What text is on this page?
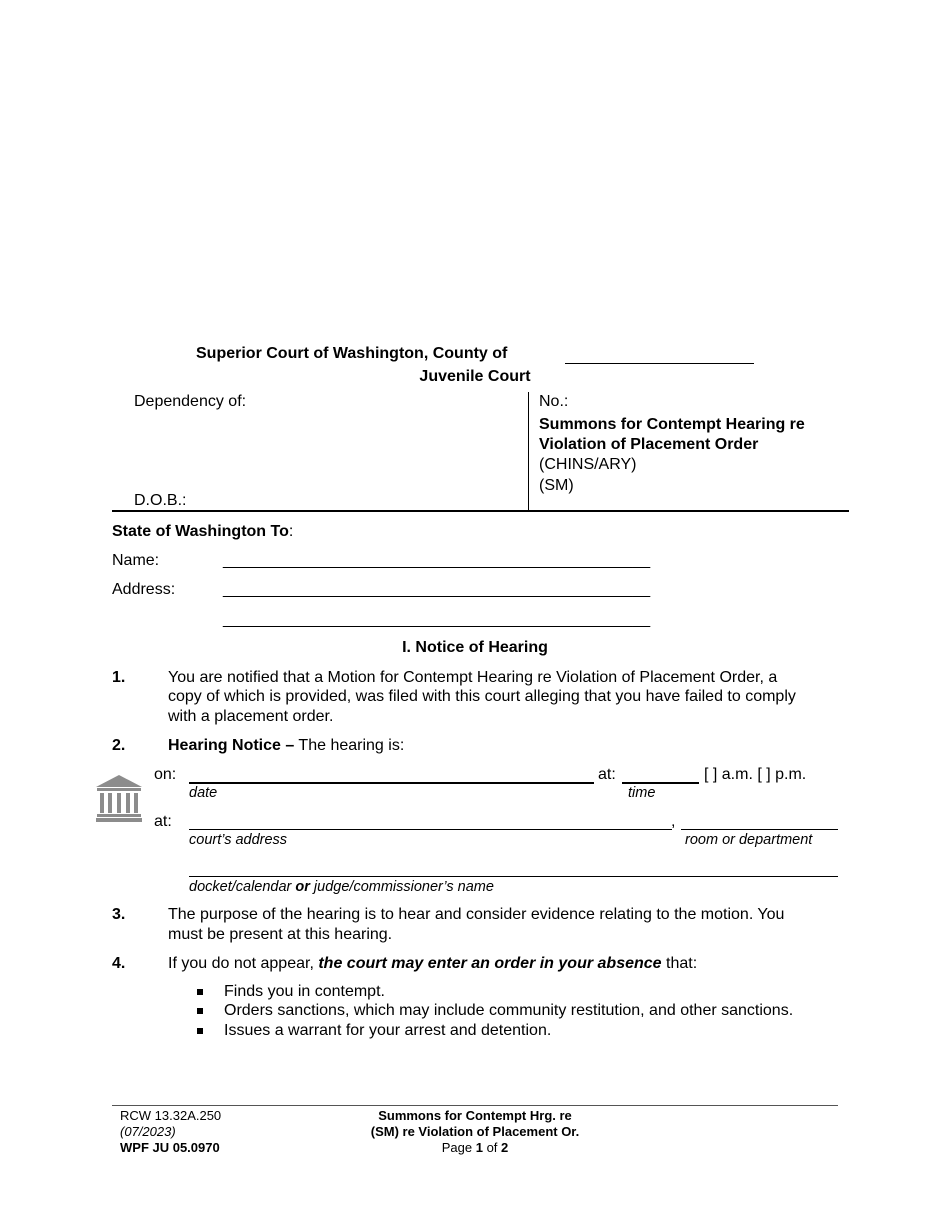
Superior Court of Washington, County of
Juvenile Court
Dependency of:
D.O.B.:
No.:
Summons for Contempt Hearing re
Violation of Placement Order
(CHINS/ARY)
(SM)
State of Washington To:
Name:	________________________________________________
Address:	________________________________________________
________________________________________________
I. Notice of Hearing
1.	You are notified that a Motion for Contempt Hearing re Violation of Placement Order, a
copy of which is provided, was filed with this court alleging that you have failed to comply
with a placement order.
2.	Hearing Notice – The hearing is:
on:
date
at:
time
[ ] a.m. [ ] p.m.
at:	,
court’s address	room or department
docket/calendar or judge/commissioner’s name
3.	The purpose of the hearing is to hear and consider evidence relating to the motion. You
must be present at this hearing.
4.	If you do not appear, the court may enter an order in your absence that:
Finds you in contempt.
Orders sanctions, which may include community restitution, and other sanctions.
Issues a warrant for your arrest and detention.
RCW 13.32A.250
(07/2023)
WPF JU 05.0970
Summons for Contempt Hrg. re
(SM) re Violation of Placement Or.
Page 1 of 2
